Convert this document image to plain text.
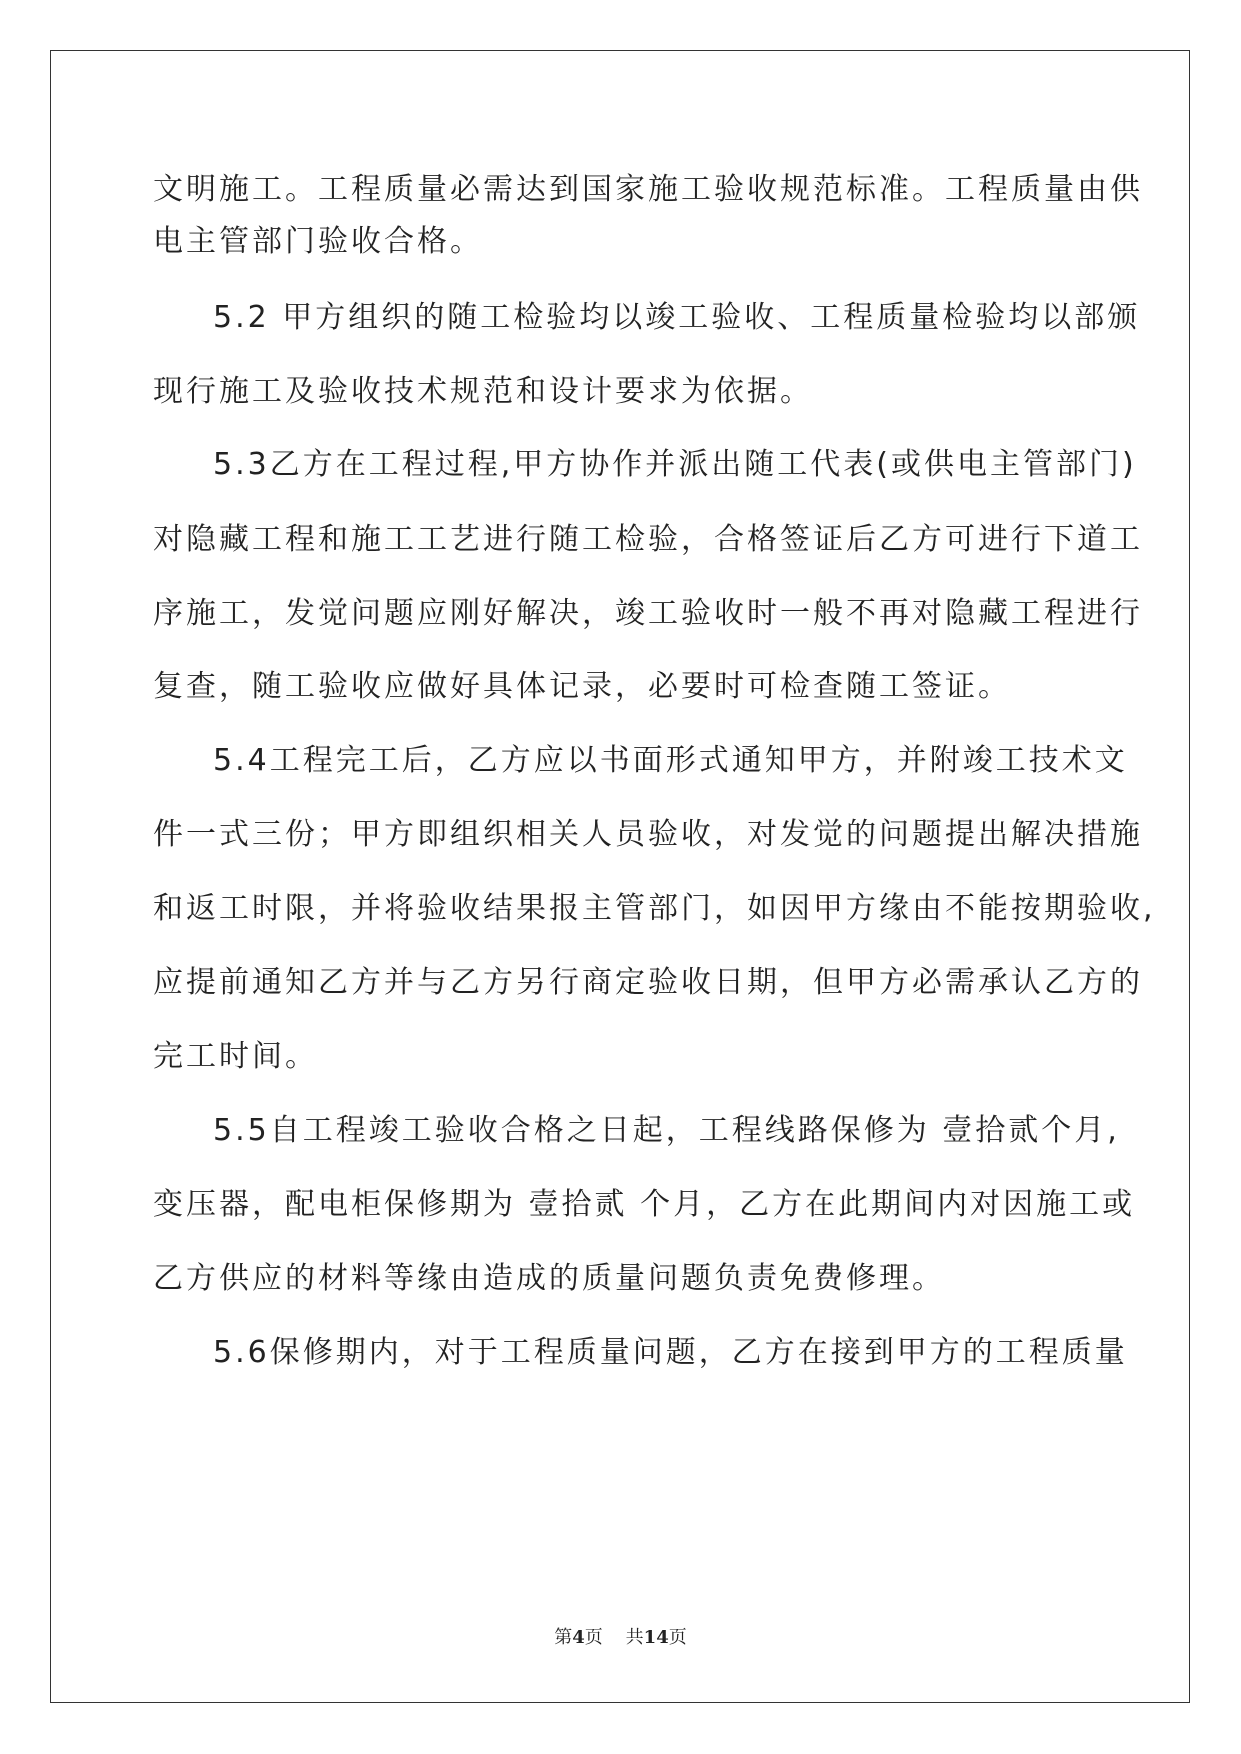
文明施工。工程质量必需达到国家施工验收规范标准。工程质量由供

电主管部门验收合格。

5.2 甲方组织的随工检验均以竣工验收、工程质量检验均以部颁

现行施工及验收技术规范和设计要求为依据。

5.3乙方在工程过程,甲方协作并派出随工代表(或供电主管部门)

对隐藏工程和施工工艺进行随工检验，合格签证后乙方可进行下道工

序施工，发觉问题应刚好解决，竣工验收时一般不再对隐藏工程进行

复查，随工验收应做好具体记录，必要时可检查随工签证。

5.4工程完工后，乙方应以书面形式通知甲方，并附竣工技术文

件一式三份；甲方即组织相关人员验收，对发觉的问题提出解决措施

和返工时限，并将验收结果报主管部门，如因甲方缘由不能按期验收,

应提前通知乙方并与乙方另行商定验收日期，但甲方必需承认乙方的

完工时间。

5.5自工程竣工验收合格之日起，工程线路保修为 壹拾贰个月,

变压器，配电柜保修期为 壹拾贰 个月，乙方在此期间内对因施工或

乙方供应的材料等缘由造成的质量问题负责免费修理。

5.6保修期内，对于工程质量问题，乙方在接到甲方的工程质量

第4页 共14页
